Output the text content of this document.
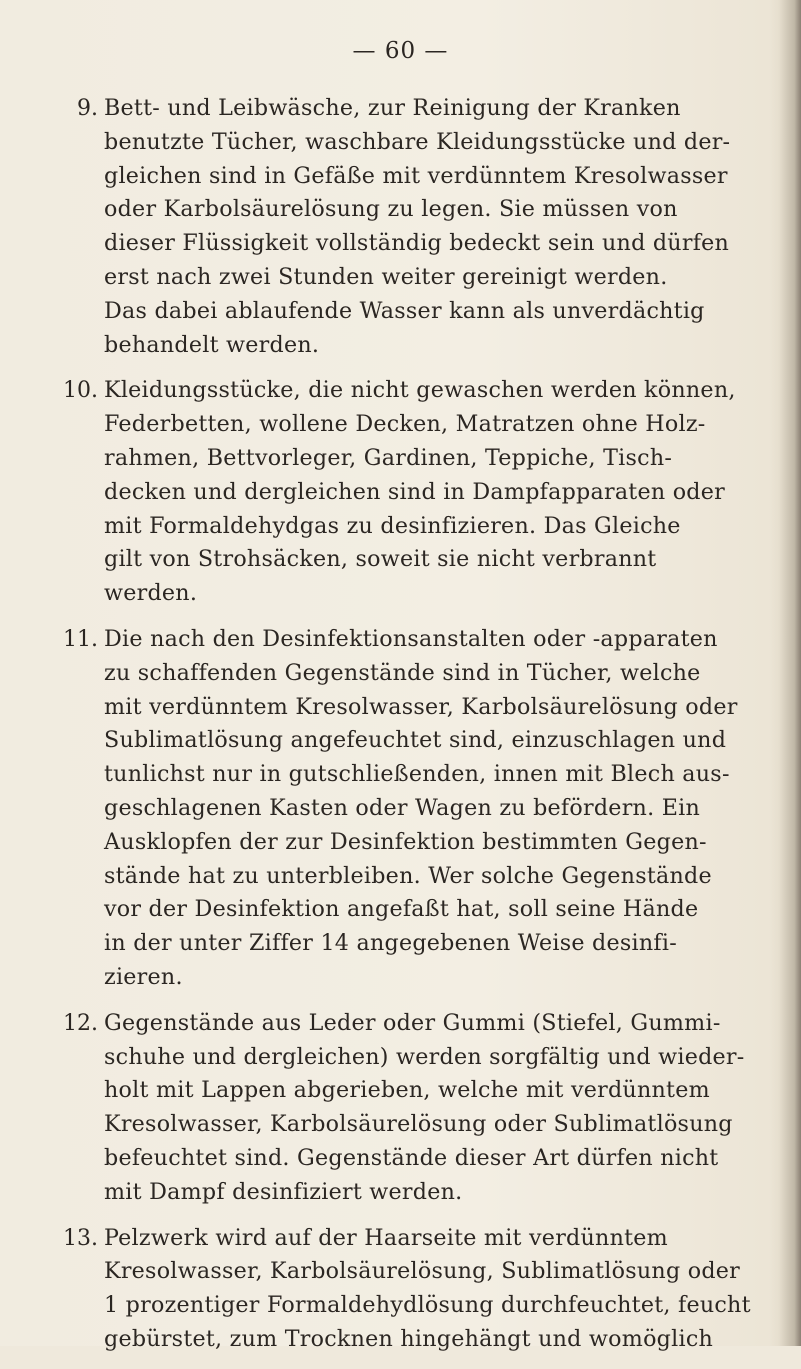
— 60 —
9. Bett- und Leibwäsche, zur Reinigung der Kranken
benutzte Tücher, waschbare Kleidungsstücke und der-
gleichen sind in Gefäße mit verdünntem Kresolwasser
oder Karbolsäurelösung zu legen. Sie müssen von
dieser Flüssigkeit vollständig bedeckt sein und dürfen
erst nach zwei Stunden weiter gereinigt werden.
Das dabei ablaufende Wasser kann als unverdächtig
behandelt werden.
10. Kleidungsstücke, die nicht gewaschen werden können,
Federbetten, wollene Decken, Matratzen ohne Holz-
rahmen, Bettvorleger, Gardinen, Teppiche, Tisch-
decken und dergleichen sind in Dampfapparaten oder
mit Formaldehydgas zu desinfizieren. Das Gleiche
gilt von Strohsäcken, soweit sie nicht verbrannt
werden.
11. Die nach den Desinfektionsanstalten oder -apparaten
zu schaffenden Gegenstände sind in Tücher, welche
mit verdünntem Kresolwasser, Karbolsäurelösung oder
Sublimatlösung angefeuchtet sind, einzuschlagen und
tunlichst nur in gutschließenden, innen mit Blech aus-
geschlagenen Kasten oder Wagen zu befördern. Ein
Ausklopfen der zur Desinfektion bestimmten Gegen-
stände hat zu unterbleiben. Wer solche Gegenstände
vor der Desinfektion angefaßt hat, soll seine Hände
in der unter Ziffer 14 angegebenen Weise desinfi-
zieren.
12. Gegenstände aus Leder oder Gummi (Stiefel, Gummi-
schuhe und dergleichen) werden sorgfältig und wieder-
holt mit Lappen abgerieben, welche mit verdünntem
Kresolwasser, Karbolsäurelösung oder Sublimatlösung
befeuchtet sind. Gegenstände dieser Art dürfen nicht
mit Dampf desinfiziert werden.
13. Pelzwerk wird auf der Haarseite mit verdünntem
Kresolwasser, Karbolsäurelösung, Sublimatlösung oder
1 prozentiger Formaldehydlösung durchfeuchtet, feucht
gebürstet, zum Trocknen hingehängt und womöglich
